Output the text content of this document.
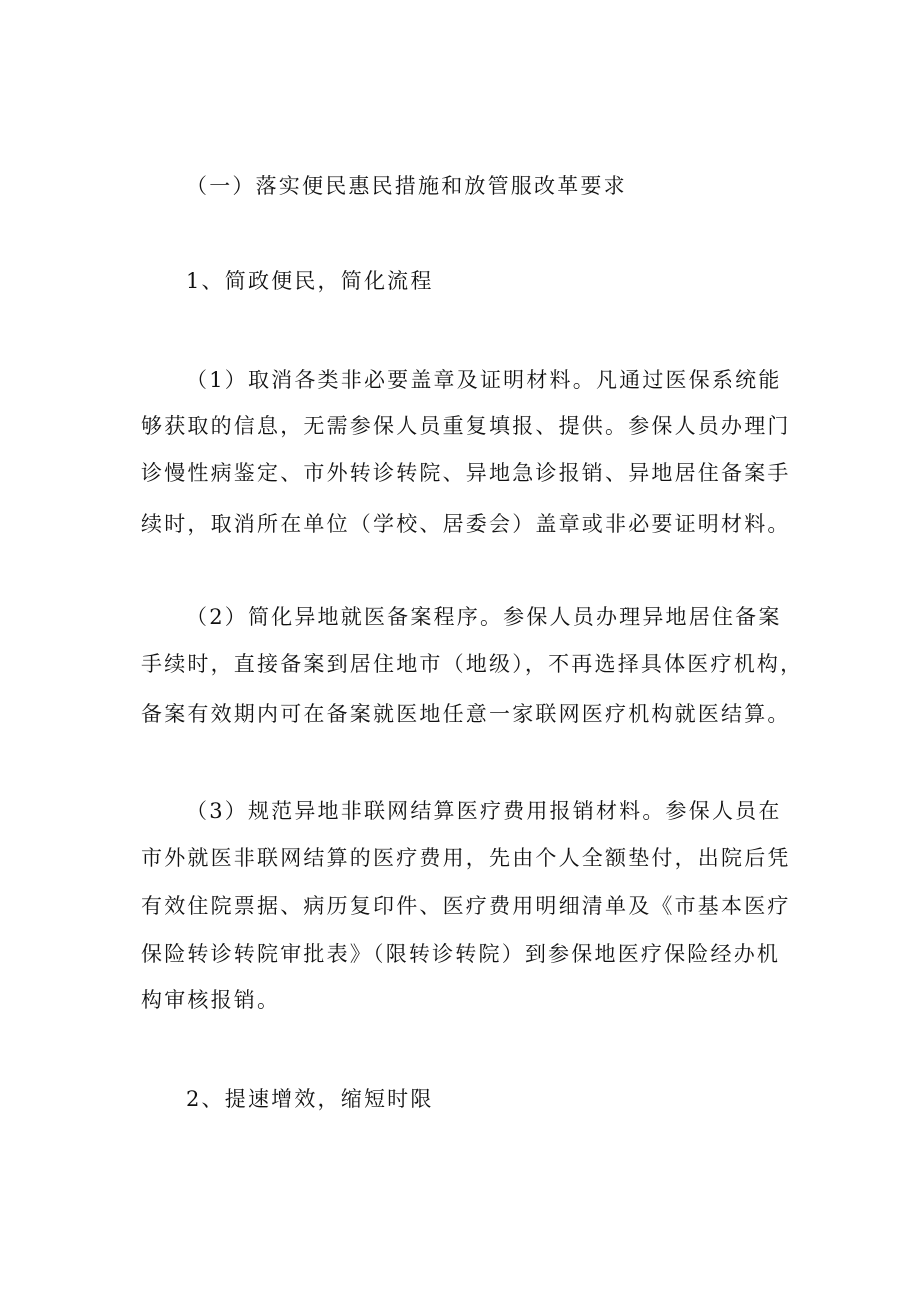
（一）落实便民惠民措施和放管服改革要求
1、简政便民，简化流程
（1）取消各类非必要盖章及证明材料。凡通过医保系统能
够获取的信息，无需参保人员重复填报、提供。参保人员办理门
诊慢性病鉴定、市外转诊转院、异地急诊报销、异地居住备案手
续时，取消所在单位（学校、居委会）盖章或非必要证明材料。
（2）简化异地就医备案程序。参保人员办理异地居住备案
手续时，直接备案到居住地市（地级），不再选择具体医疗机构，
备案有效期内可在备案就医地任意一家联网医疗机构就医结算。
（3）规范异地非联网结算医疗费用报销材料。参保人员在
市外就医非联网结算的医疗费用，先由个人全额垫付，出院后凭
有效住院票据、病历复印件、医疗费用明细清单及《市基本医疗
保险转诊转院审批表》（限转诊转院）到参保地医疗保险经办机
构审核报销。
2、提速增效，缩短时限
